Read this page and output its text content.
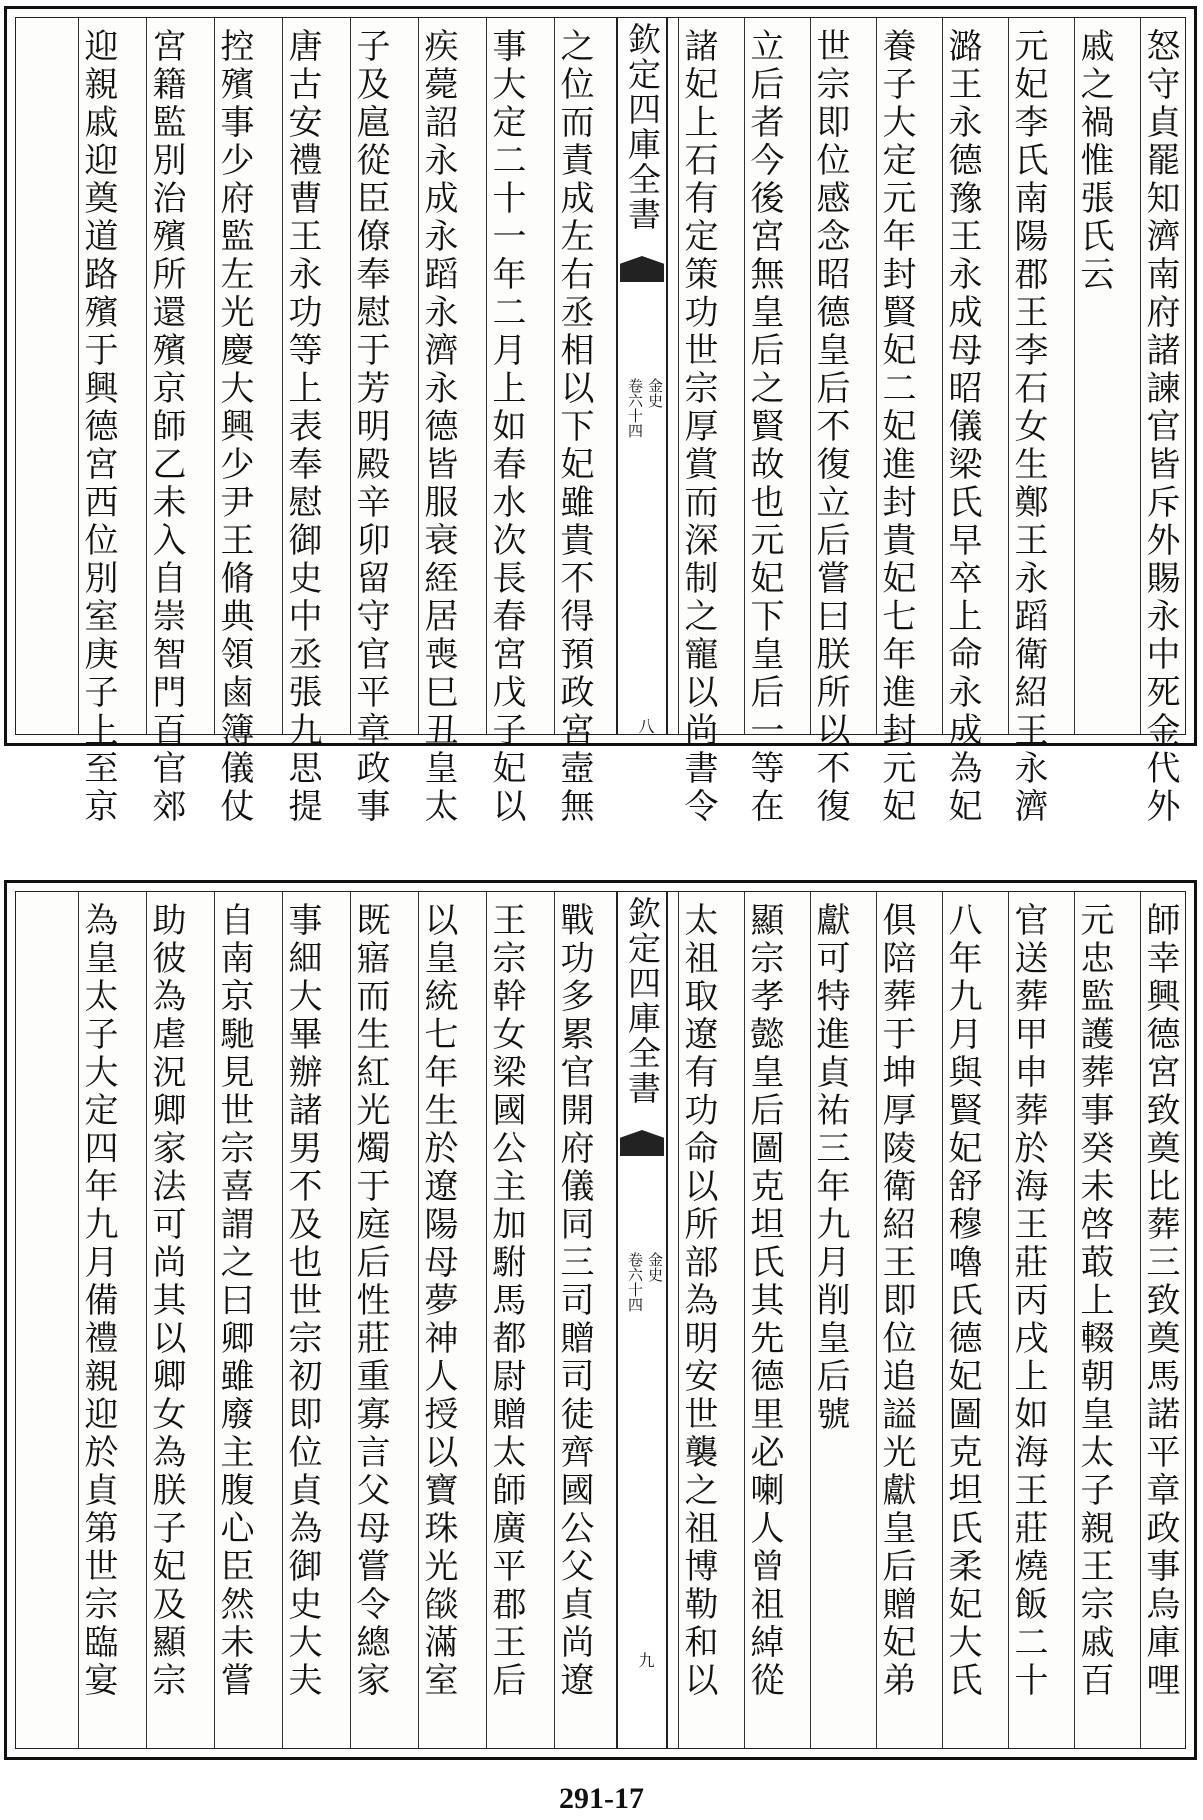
怒守貞罷知濟南府諸諫官皆斥外賜永中死金代外
戚之禍惟張氏云
元妃李氏南陽郡王李石女生鄭王永蹈衛紹王永濟
潞王永德豫王永成母昭儀梁氏早卒上命永成為妃
養子大定元年封賢妃二妃進封貴妃七年進封元妃
世宗即位感念昭德皇后不復立后嘗曰朕所以不復
立后者今後宮無皇后之賢故也元妃下皇后一等在
諸妃上石有定策功世宗厚賞而深制之寵以尚書令
欽定四庫全書
金史
卷六十四
八
之位而責成左右丞相以下妃雖貴不得預政宮壼無
事大定二十一年二月上如春水次長春宮戊子妃以
疾薨詔永成永蹈永濟永德皆服衰絰居喪巳丑皇太
子及扈從臣僚奉慰于芳明殿辛卯留守官平章政事
唐古安禮曹王永功等上表奉慰御史中丞張九思提
控殯事少府監左光慶大興少尹王脩典領鹵簿儀仗
宮籍監別治殯所還殯京師乙未入自崇智門百官郊
迎親戚迎奠道路殯于興德宮西位別室庚子上至京
師幸興德宮致奠比葬三致奠馬諾平章政事烏庫哩
元忠監護葬事癸未啓菆上輟朝皇太子親王宗戚百
官送葬甲申葬於海王莊丙戌上如海王莊燒飯二十
八年九月與賢妃舒穆嚕氏德妃圖克坦氏柔妃大氏
俱陪葬于坤厚陵衛紹王即位追謚光獻皇后贈妃弟
獻可特進貞祐三年九月削皇后號
顯宗孝懿皇后圖克坦氏其先德里必喇人曾祖綽從
太祖取遼有功命以所部為明安世襲之祖博勒和以
欽定四庫全書
金史
卷六十四
九
戰功多累官開府儀同三司贈司徒齊國公父貞尚遼
王宗幹女梁國公主加駙馬都尉贈太師廣平郡王后
以皇統七年生於遼陽母夢神人授以寶珠光燄滿室
既寤而生紅光燭于庭后性莊重寡言父母嘗令總家
事細大畢辦諸男不及也世宗初即位貞為御史大夫
自南京馳見世宗喜謂之曰卿雖廢主腹心臣然未嘗
助彼為虐況卿家法可尚其以卿女為朕子妃及顯宗
為皇太子大定四年九月備禮親迎於貞第世宗臨宴
291-17
